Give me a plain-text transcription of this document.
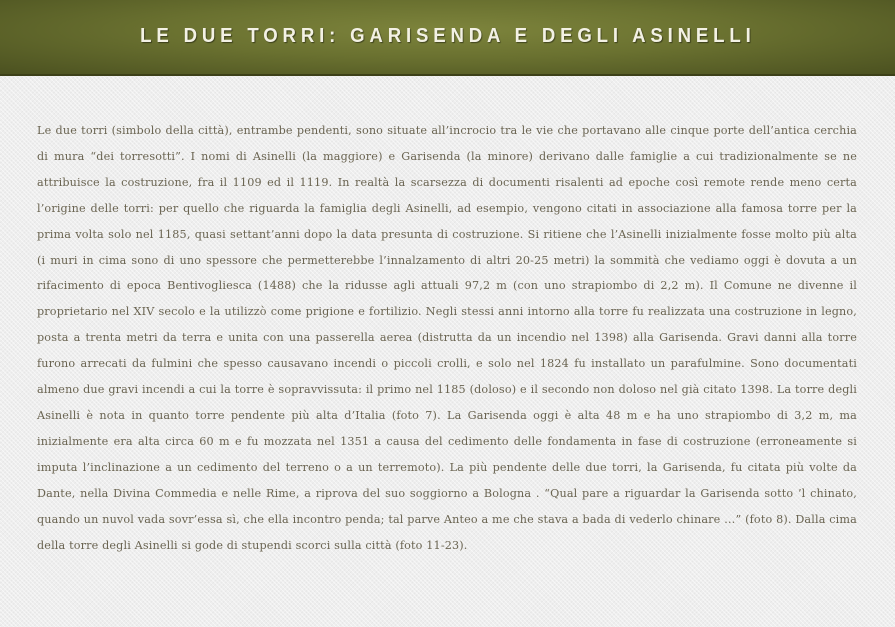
LE DUE TORRI: GARISENDA E DEGLI ASINELLI

Le due torri (simbolo della città), entrambe pendenti, sono situate all’incrocio tra le vie che portavano alle cinque porte dell’antica cerchia di mura “dei torresotti”. I nomi di Asinelli (la maggiore) e Garisenda (la minore) derivano dalle famiglie a cui tradizionalmente se ne attribuisce la costruzione, fra il 1109 ed il 1119. In realtà la scarsezza di documenti risalenti ad epoche così remote rende meno certa l’origine delle torri: per quello che riguarda la famiglia degli Asinelli, ad esempio, vengono citati in associazione alla famosa torre per la prima volta solo nel 1185, quasi settant’anni dopo la data presunta di costruzione. Si ritiene che l’Asinelli inizialmente fosse molto più alta (i muri in cima sono di uno spessore che permetterebbe l’innalzamento di altri 20-25 metri) la sommità che vediamo oggi è dovuta a un rifacimento di epoca Bentivogliesca (1488) che la ridusse agli attuali 97,2 m (con uno strapiombo di 2,2 m). Il Comune ne divenne il proprietario nel XIV secolo e la utilizzò come prigione e fortilizio. Negli stessi anni intorno alla torre fu realizzata una costruzione in legno, posta a trenta metri da terra e unita con una passerella aerea (distrutta da un incendio nel 1398) alla Garisenda. Gravi danni alla torre furono arrecati da fulmini che spesso causavano incendi o piccoli crolli, e solo nel 1824 fu installato un parafulmine. Sono documentati almeno due gravi incendi a cui la torre è sopravvissuta: il primo nel 1185 (doloso) e il secondo non doloso nel già citato 1398. La torre degli Asinelli è nota in quanto torre pendente più alta d’Italia (foto 7). La Garisenda oggi è alta 48 m e ha uno strapiombo di 3,2 m, ma inizialmente era alta circa 60 m e fu mozzata nel 1351 a causa del cedimento delle fondamenta in fase di costruzione (erroneamente si imputa l’inclinazione a un cedimento del terreno o a un terremoto). La più pendente delle due torri, la Garisenda, fu citata più volte da Dante, nella Divina Commedia e nelle Rime, a riprova del suo soggiorno a Bologna . “Qual pare a riguardar la Garisenda sotto ’l chinato, quando un nuvol vada sovr’essa sì, che ella incontro penda; tal parve Anteo a me che stava a bada di vederlo chinare …” (foto 8). Dalla cima della torre degli Asinelli si gode di stupendi scorci sulla città (foto 11-23).
